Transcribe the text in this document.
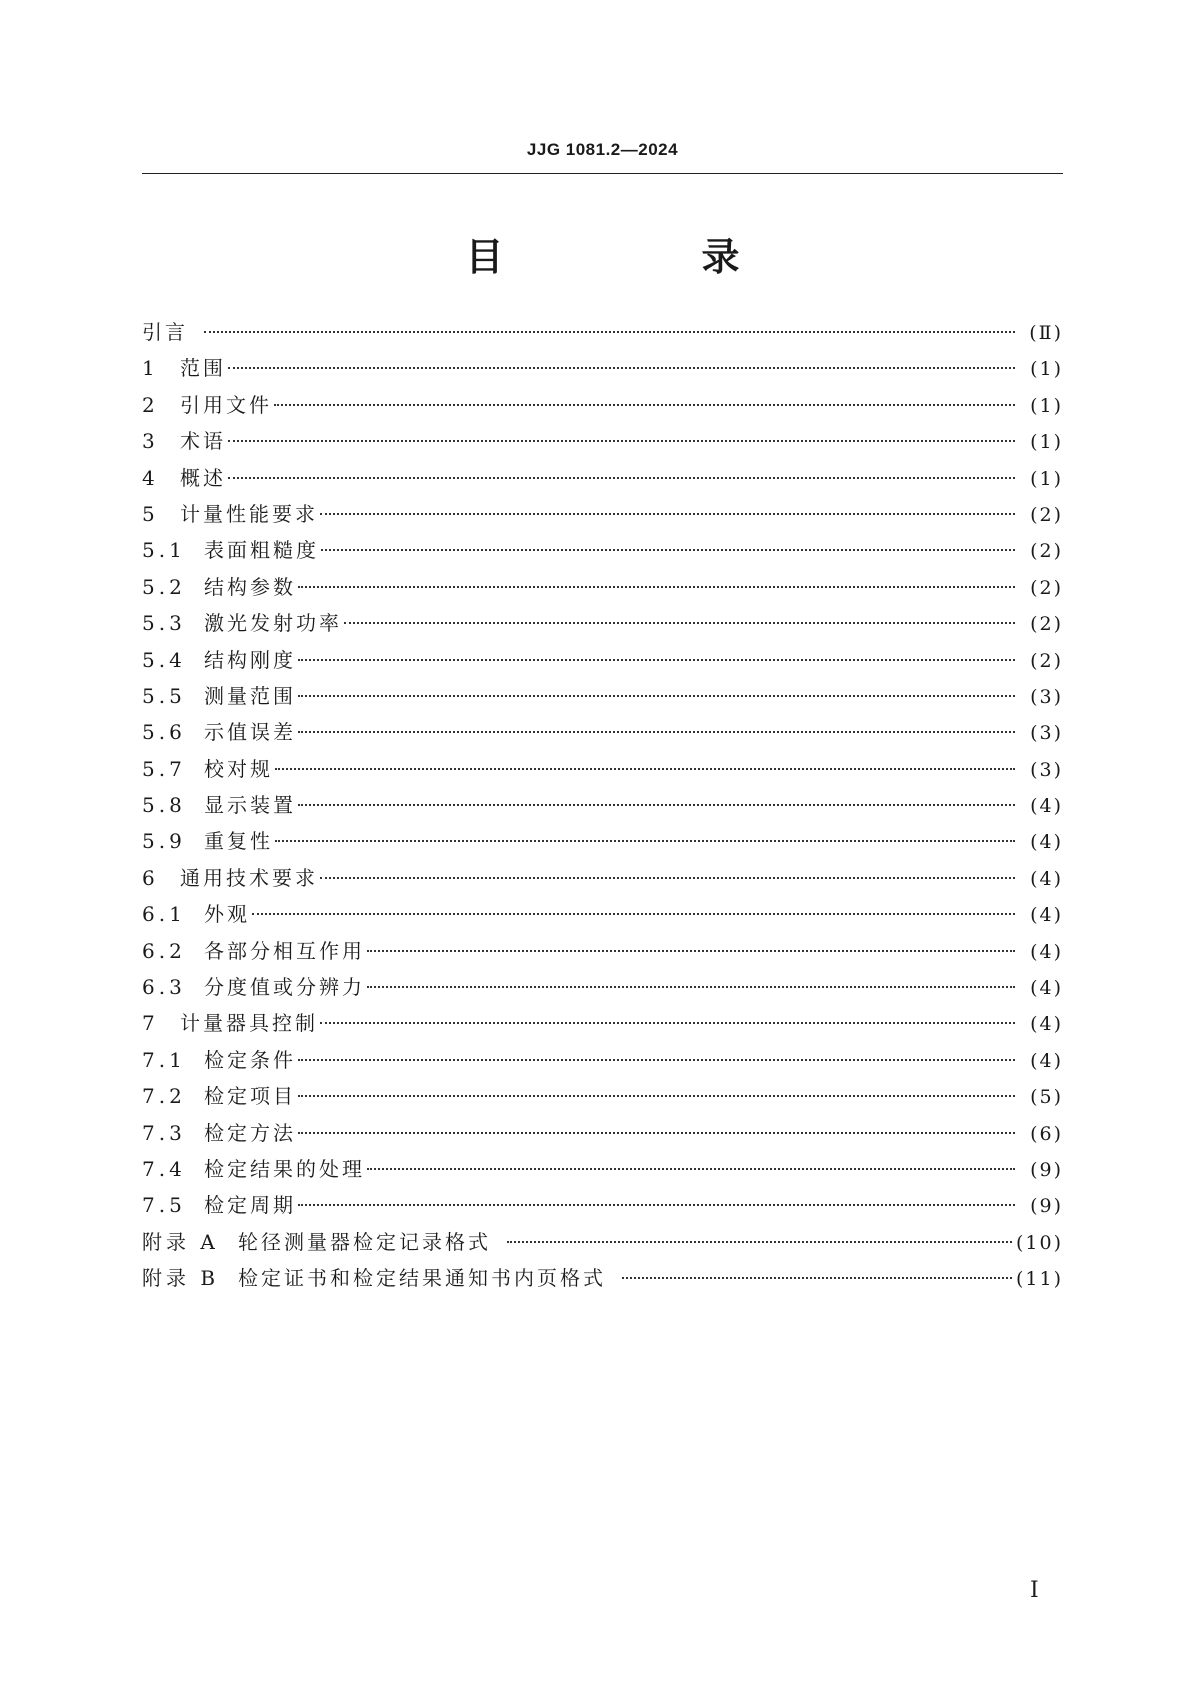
JJG 1081.2—2024
目　录
引言	(Ⅱ)
1	范围	(1)
2	引用文件	(1)
3	术语	(1)
4	概述	(1)
5	计量性能要求	(2)
5.1 表面粗糙度	(2)
5.2 结构参数	(2)
5.3 激光发射功率	(2)
5.4 结构刚度	(2)
5.5 测量范围	(3)
5.6 示值误差	(3)
5.7 校对规	(3)
5.8 显示装置	(4)
5.9 重复性	(4)
6	通用技术要求	(4)
6.1 外观	(4)
6.2 各部分相互作用	(4)
6.3 分度值或分辨力	(4)
7	计量器具控制	(4)
7.1 检定条件	(4)
7.2 检定项目	(5)
7.3 检定方法	(6)
7.4 检定结果的处理	(9)
7.5 检定周期	(9)
附录 A 轮径测量器检定记录格式	(10)
附录 B 检定证书和检定结果通知书内页格式	(11)
Ⅰ
